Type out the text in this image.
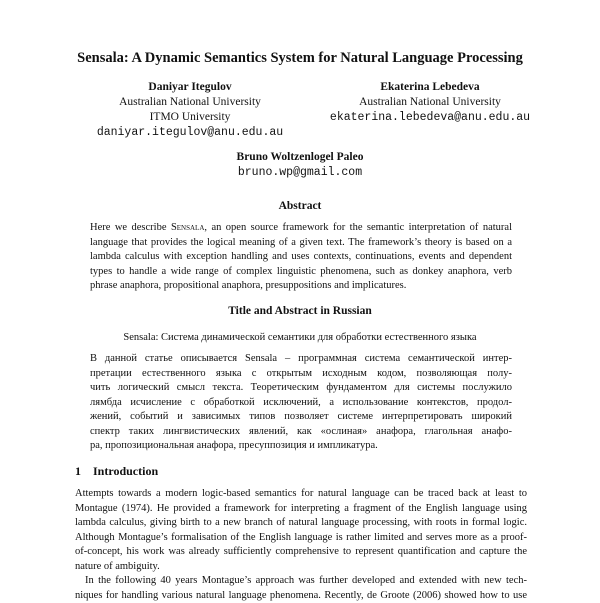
Sensala: A Dynamic Semantics System for Natural Language Processing
Daniyar Itegulov
Australian National University
ITMO University
daniyar.itegulov@anu.edu.au
Ekaterina Lebedeva
Australian National University
ekaterina.lebedeva@anu.edu.au
Bruno Woltzenlogel Paleo
bruno.wp@gmail.com
Abstract
Here we describe Sensala, an open source framework for the semantic interpretation of natural
language that provides the logical meaning of a given text. The framework’s theory is based on a
lambda calculus with exception handling and uses contexts, continuations, events and dependent
types to handle a wide range of complex linguistic phenomena, such as donkey anaphora, verb
phrase anaphora, propositional anaphora, presuppositions and implicatures.
Title and Abstract in Russian
Sensala: Система динамической семантики для обработки естественного языка
В данной статье описывается Sensala – программная система семантической интер-
претации естественного языка с открытым исходным кодом, позволяющая полу-
чить логический смысл текста. Теоретическим фундаментом для системы послужило
лямбда исчисление с обработкой исключений, а использование контекстов, продол-
жений, событий и зависимых типов позволяет системе интерпретировать широкий
спектр таких лингвистических явлений, как «ослиная» анафора, глагольная анафо-
ра, пропозициональная анафора, пресуппозиция и импликатура.
1 Introduction
Attempts towards a modern logic-based semantics for natural language can be traced back at least to
Montague (1974). He provided a framework for interpreting a fragment of the English language using
lambda calculus, giving birth to a new branch of natural language processing, with roots in formal logic.
Although Montague’s formalisation of the English language is rather limited and serves more as a proof-
of-concept, his work was already sufficiently comprehensive to represent quantification and capture the
nature of ambiguity.
In the following 40 years Montague’s approach was further developed and extended with new tech-
niques for handling various natural language phenomena. Recently, de Groote (2006) showed how to use
